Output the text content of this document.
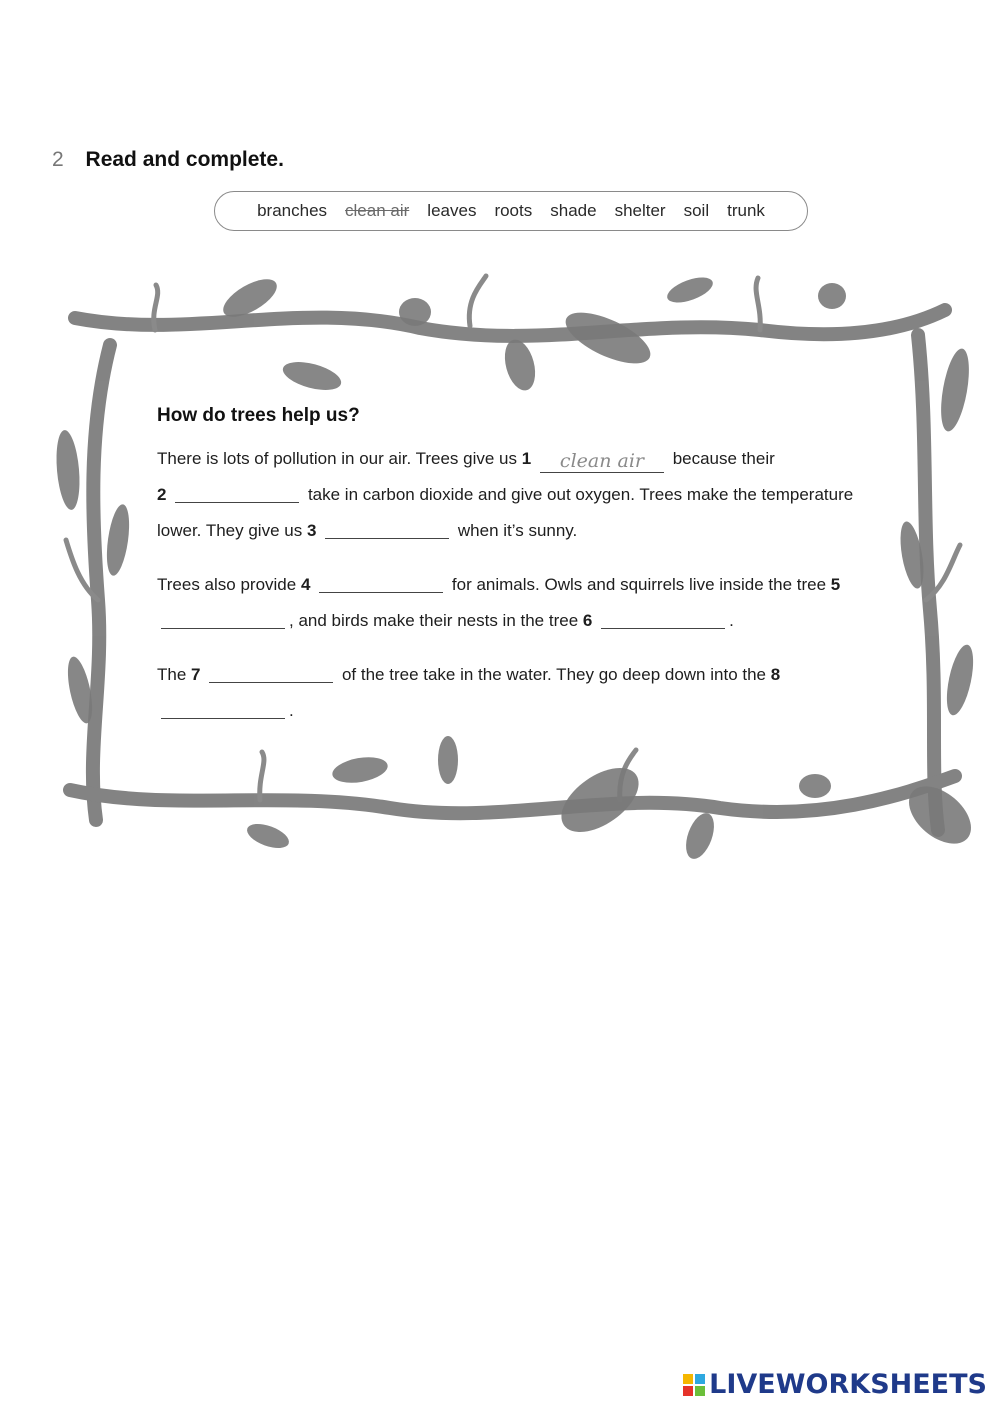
2 Read and complete.
branches clean air leaves roots shade shelter soil trunk
How do trees help us?

There is lots of pollution in our air. Trees give us 1 clean air because their
2	take in carbon dioxide and give out oxygen. Trees make the temperature lower. They give us 3	when it’s sunny.

Trees also provide 4	for animals. Owls and squirrels live inside the tree 5 , and birds make their nests in the tree 6	.

The 7	of the tree take in the water. They go deep down into the 8 .

LIVEWORKSHEETS
